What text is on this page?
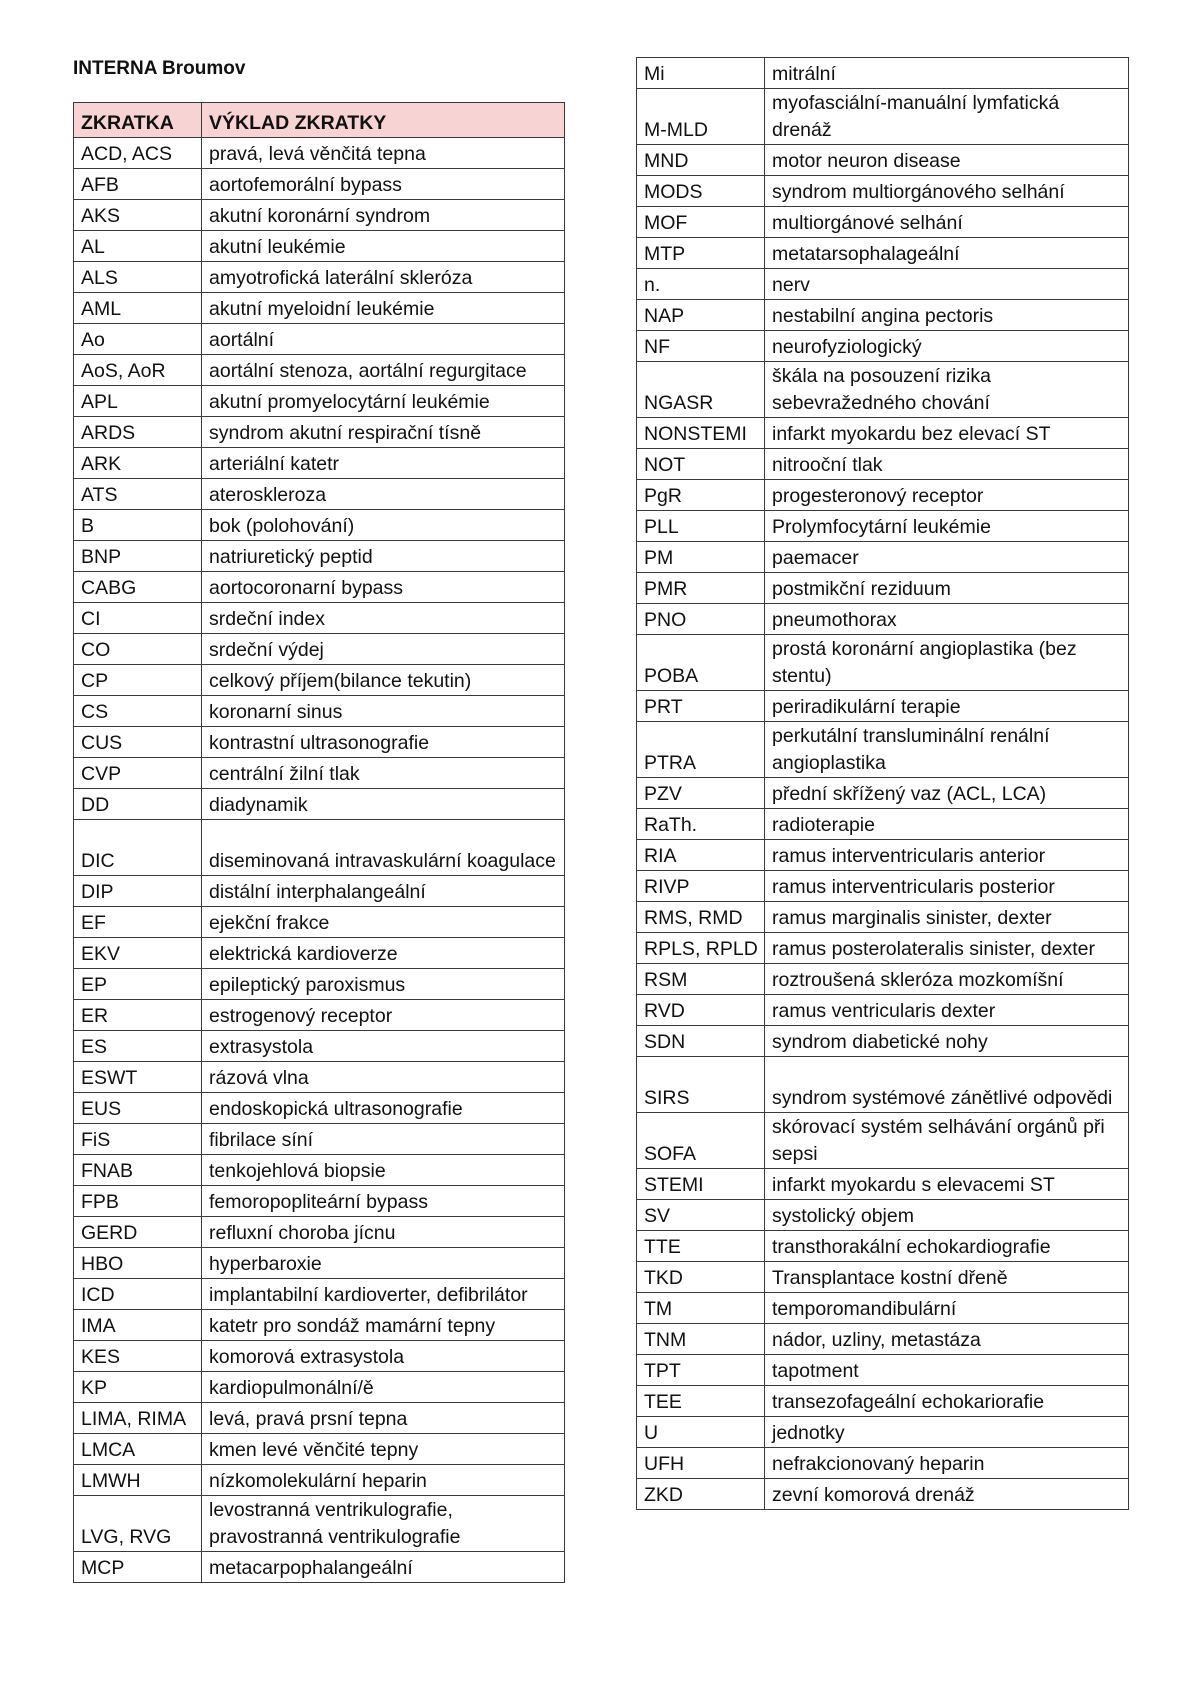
INTERNA Broumov
ZKRATKA	VÝKLAD ZKRATKY
ACD, ACS	pravá, levá věnčitá tepna
AFB	aortofemorální bypass
AKS	akutní koronární syndrom
AL	akutní leukémie
ALS	amyotrofická laterální skleróza
AML	akutní myeloidní leukémie
Ao	aortální
AoS, AoR	aortální stenoza, aortální regurgitace
APL	akutní promyelocytární leukémie
ARDS	syndrom akutní respirační tísně
ARK	arteriální katetr
ATS	ateroskleroza
B	bok (polohování)
BNP	natriuretický peptid
CABG	aortocoronarní bypass
CI	srdeční index
CO	srdeční výdej
CP	celkový příjem(bilance tekutin)
CS	koronarní sinus
CUS	kontrastní ultrasonografie
CVP	centrální žilní tlak
DD	diadynamik
DIC	diseminovaná intravaskulární koagulace
DIP	distální interphalangeální
EF	ejekční frakce
EKV	elektrická kardioverze
EP	epileptický paroxismus
ER	estrogenový receptor
ES	extrasystola
ESWT	rázová vlna
EUS	endoskopická ultrasonografie
FiS	fibrilace síní
FNAB	tenkojehlová biopsie
FPB	femoropopliteární bypass
GERD	refluxní choroba jícnu
HBO	hyperbaroxie
ICD	implantabilní kardioverter, defibrilátor
IMA	katetr pro sondáž mamární tepny
KES	komorová extrasystola
KP	kardiopulmonální/ě
LIMA, RIMA	levá, pravá prsní tepna
LMCA	kmen levé věnčité tepny
LMWH	nízkomolekulární heparin
LVG, RVG	levostranná ventrikulografie, pravostranná ventrikulografie
MCP	metacarpophalangeální
Mi	mitrální
M-MLD	myofasciální-manuální lymfatická drenáž
MND	motor neuron disease
MODS	syndrom multiorgánového selhání
MOF	multiorgánové selhání
MTP	metatarsophalageální
n.	nerv
NAP	nestabilní angina pectoris
NF	neurofyziologický
NGASR	škála na posouzení rizika sebevražedného chování
NONSTEMI	infarkt myokardu bez elevací ST
NOT	nitrooční tlak
PgR	progesteronový receptor
PLL	Prolymfocytární leukémie
PM	paemacer
PMR	postmikční reziduum
PNO	pneumothorax
POBA	prostá koronární angioplastika (bez stentu)
PRT	periradikulární terapie
PTRA	perkutální transluminální renální angioplastika
PZV	přední skřížený vaz (ACL, LCA)
RaTh.	radioterapie
RIA	ramus interventricularis anterior
RIVP	ramus interventricularis posterior
RMS, RMD	ramus marginalis sinister, dexter
RPLS, RPLD	ramus posterolateralis sinister, dexter
RSM	roztroušená skleróza mozkomíšní
RVD	ramus ventricularis dexter
SDN	syndrom diabetické nohy
SIRS	syndrom systémové zánětlivé odpovědi
SOFA	skórovací systém selhávání orgánů při sepsi
STEMI	infarkt myokardu s elevacemi ST
SV	systolický objem
TTE	transthorakální echokardiografie
TKD	Transplantace kostní dřeně
TM	temporomandibulární
TNM	nádor, uzliny, metastáza
TPT	tapotment
TEE	transezofageální echokariorafie
U	jednotky
UFH	nefrakcionovaný heparin
ZKD	zevní komorová drenáž
